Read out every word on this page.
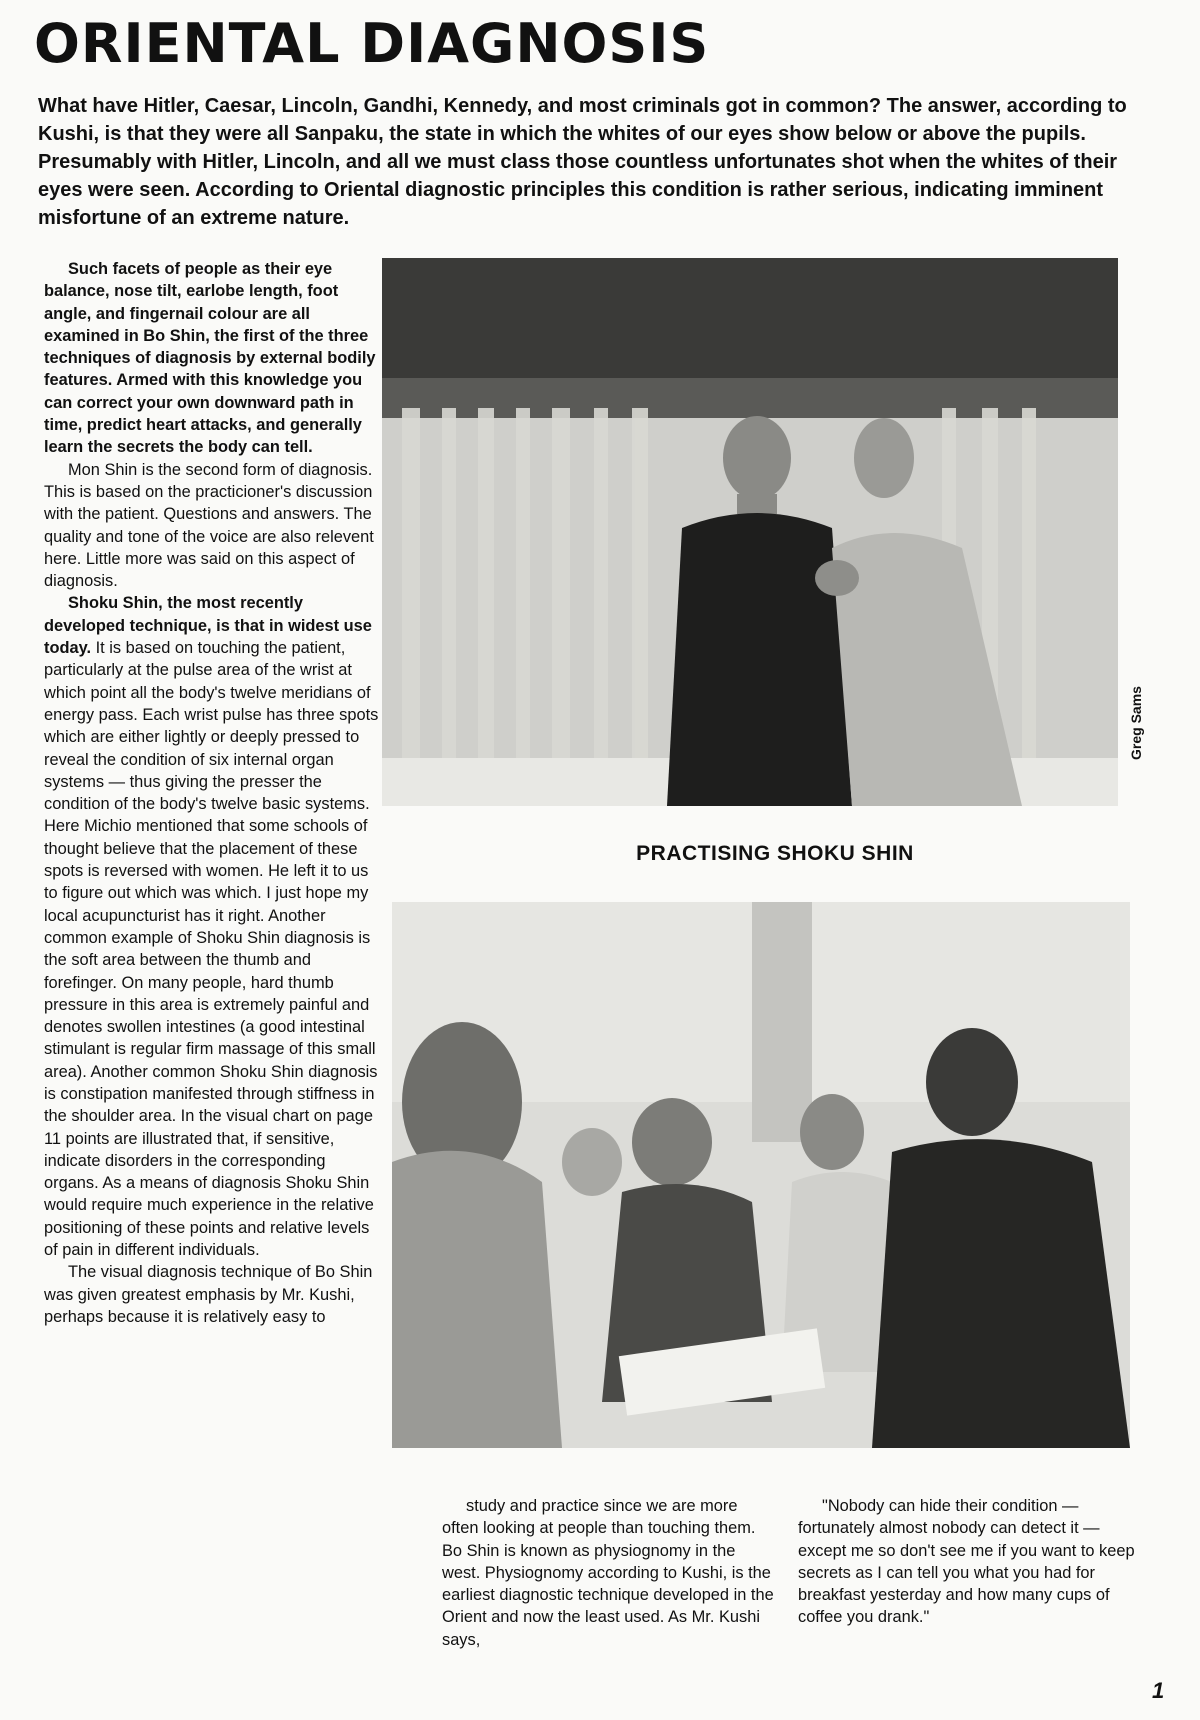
ORIENTAL DIAGNOSIS

What have Hitler, Caesar, Lincoln, Gandhi, Kennedy, and most criminals got in common? The answer, according to Kushi, is that they were all Sanpaku, the state in which the whites of our eyes show below or above the pupils. Presumably with Hitler, Lincoln, and all we must class those countless unfortunates shot when the whites of their eyes were seen. According to Oriental diagnostic principles this condition is rather serious, indicating imminent misfortune of an extreme nature.

Such facets of people as their eye balance, nose tilt, earlobe length, foot angle, and fingernail colour are all examined in Bo Shin, the first of the three techniques of diagnosis by external bodily features. Armed with this knowledge you can correct your own downward path in time, predict heart attacks, and generally learn the secrets the body can tell.

Mon Shin is the second form of diagnosis. This is based on the practicioner's discussion with the patient. Questions and answers. The quality and tone of the voice are also relevent here. Little more was said on this aspect of diagnosis.

Shoku Shin, the most recently developed technique, is that in widest use today. It is based on touching the patient, particularly at the pulse area of the wrist at which point all the body's twelve meridians of energy pass. Each wrist pulse has three spots which are either lightly or deeply pressed to reveal the condition of six internal organ systems — thus giving the presser the condition of the body's twelve basic systems. Here Michio mentioned that some schools of thought believe that the placement of these spots is reversed with women. He left it to us to figure out which was which. I just hope my local acupuncturist has it right. Another common example of Shoku Shin diagnosis is the soft area between the thumb and forefinger. On many people, hard thumb pressure in this area is extremely painful and denotes swollen intestines (a good intestinal stimulant is regular firm massage of this small area). Another common Shoku Shin diagnosis is constipation manifested through stiffness in the shoulder area. In the visual chart on page 11 points are illustrated that, if sensitive, indicate disorders in the corresponding organs. As a means of diagnosis Shoku Shin would require much experience in the relative positioning of these points and relative levels of pain in different individuals.

The visual diagnosis technique of Bo Shin was given greatest emphasis by Mr. Kushi, perhaps because it is relatively easy to

Greg Sams
PRACTISING SHOKU SHIN

study and practice since we are more often looking at people than touching them. Bo Shin is known as physiognomy in the west. Physiognomy according to Kushi, is the earliest diagnostic technique developed in the Orient and now the least used. As Mr. Kushi says,

"Nobody can hide their condition — fortunately almost nobody can detect it — except me so don't see me if you want to keep secrets as I can tell you what you had for breakfast yesterday and how many cups of coffee you drank."

1
